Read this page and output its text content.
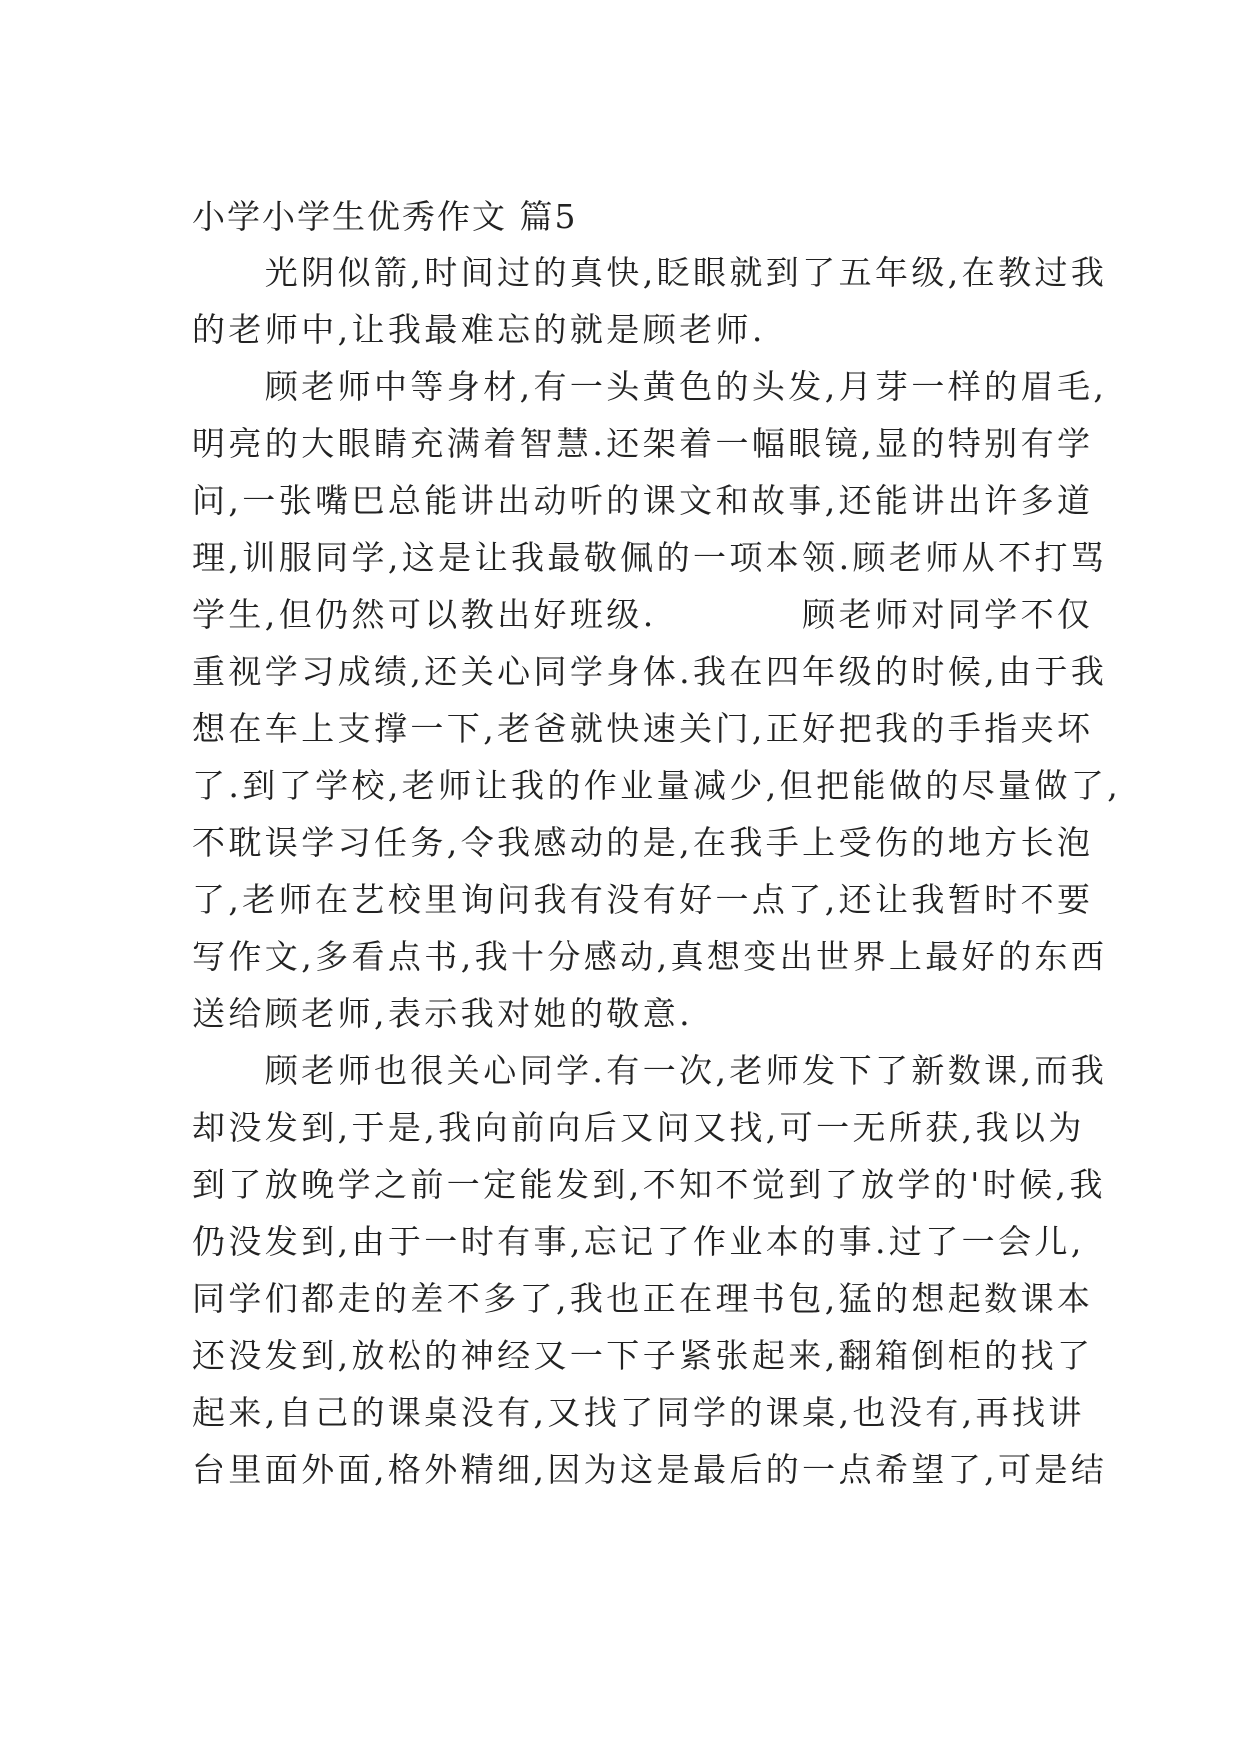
小学小学生优秀作文 篇5
　　光阴似箭,时间过的真快,眨眼就到了五年级,在教过我
的老师中,让我最难忘的就是顾老师.
　　顾老师中等身材,有一头黄色的头发,月芽一样的眉毛,
明亮的大眼睛充满着智慧.还架着一幅眼镜,显的特别有学
问,一张嘴巴总能讲出动听的课文和故事,还能讲出许多道
理,训服同学,这是让我最敬佩的一项本领.顾老师从不打骂
学生,但仍然可以教出好班级.　　　　顾老师对同学不仅
重视学习成绩,还关心同学身体.我在四年级的时候,由于我
想在车上支撑一下,老爸就快速关门,正好把我的手指夹坏
了.到了学校,老师让我的作业量减少,但把能做的尽量做了,
不耽误学习任务,令我感动的是,在我手上受伤的地方长泡
了,老师在艺校里询问我有没有好一点了,还让我暂时不要
写作文,多看点书,我十分感动,真想变出世界上最好的东西
送给顾老师,表示我对她的敬意.
　　顾老师也很关心同学.有一次,老师发下了新数课,而我
却没发到,于是,我向前向后又问又找,可一无所获,我以为
到了放晚学之前一定能发到,不知不觉到了放学的'时候,我
仍没发到,由于一时有事,忘记了作业本的事.过了一会儿,
同学们都走的差不多了,我也正在理书包,猛的想起数课本
还没发到,放松的神经又一下子紧张起来,翻箱倒柜的找了
起来,自己的课桌没有,又找了同学的课桌,也没有,再找讲
台里面外面,格外精细,因为这是最后的一点希望了,可是结
